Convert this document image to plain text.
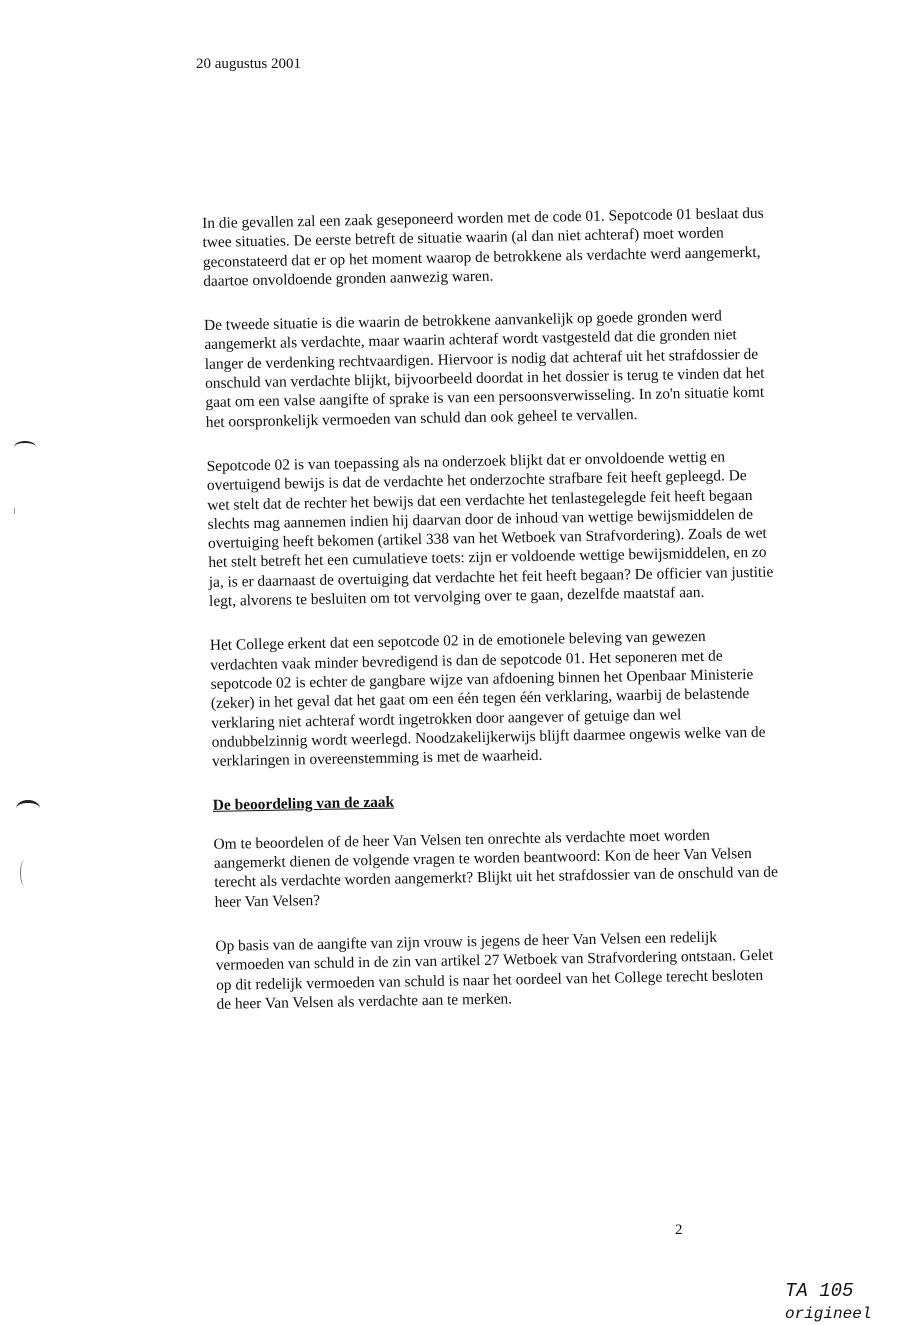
20 augustus 2001

In die gevallen zal een zaak geseponeerd worden met de code 01. Sepotcode 01 beslaat dus twee situaties. De eerste betreft de situatie waarin (al dan niet achteraf) moet worden geconstateerd dat er op het moment waarop de betrokkene als verdachte werd aangemerkt, daartoe onvoldoende gronden aanwezig waren.

De tweede situatie is die waarin de betrokkene aanvankelijk op goede gronden werd aangemerkt als verdachte, maar waarin achteraf wordt vastgesteld dat die gronden niet langer de verdenking rechtvaardigen. Hiervoor is nodig dat achteraf uit het strafdossier de onschuld van verdachte blijkt, bijvoorbeeld doordat in het dossier is terug te vinden dat het gaat om een valse aangifte of sprake is van een persoonsverwisseling. In zo'n situatie komt het oorspronkelijk vermoeden van schuld dan ook geheel te vervallen.

Sepotcode 02 is van toepassing als na onderzoek blijkt dat er onvoldoende wettig en overtuigend bewijs is dat de verdachte het onderzochte strafbare feit heeft gepleegd. De wet stelt dat de rechter het bewijs dat een verdachte het tenlastegelegde feit heeft begaan slechts mag aannemen indien hij daarvan door de inhoud van wettige bewijsmiddelen de overtuiging heeft bekomen (artikel 338 van het Wetboek van Strafvordering). Zoals de wet het stelt betreft het een cumulatieve toets: zijn er voldoende wettige bewijsmiddelen, en zo ja, is er daarnaast de overtuiging dat verdachte het feit heeft begaan? De officier van justitie legt, alvorens te besluiten om tot vervolging over te gaan, dezelfde maatstaf aan.

Het College erkent dat een sepotcode 02 in de emotionele beleving van gewezen verdachten vaak minder bevredigend is dan de sepotcode 01. Het seponeren met de sepotcode 02 is echter de gangbare wijze van afdoening binnen het Openbaar Ministerie (zeker) in het geval dat het gaat om een één tegen één verklaring, waarbij de belastende verklaring niet achteraf wordt ingetrokken door aangever of getuige dan wel ondubbelzinnig wordt weerlegd. Noodzakelijkerwijs blijft daarmee ongewis welke van de verklaringen in overeenstemming is met de waarheid.

De beoordeling van de zaak

Om te beoordelen of de heer Van Velsen ten onrechte als verdachte moet worden aangemerkt dienen de volgende vragen te worden beantwoord: Kon de heer Van Velsen terecht als verdachte worden aangemerkt? Blijkt uit het strafdossier van de onschuld van de heer Van Velsen?

Op basis van de aangifte van zijn vrouw is jegens de heer Van Velsen een redelijk vermoeden van schuld in de zin van artikel 27 Wetboek van Strafvordering ontstaan. Gelet op dit redelijk vermoeden van schuld is naar het oordeel van het College terecht besloten de heer Van Velsen als verdachte aan te merken.

2
TA 105
origineel
